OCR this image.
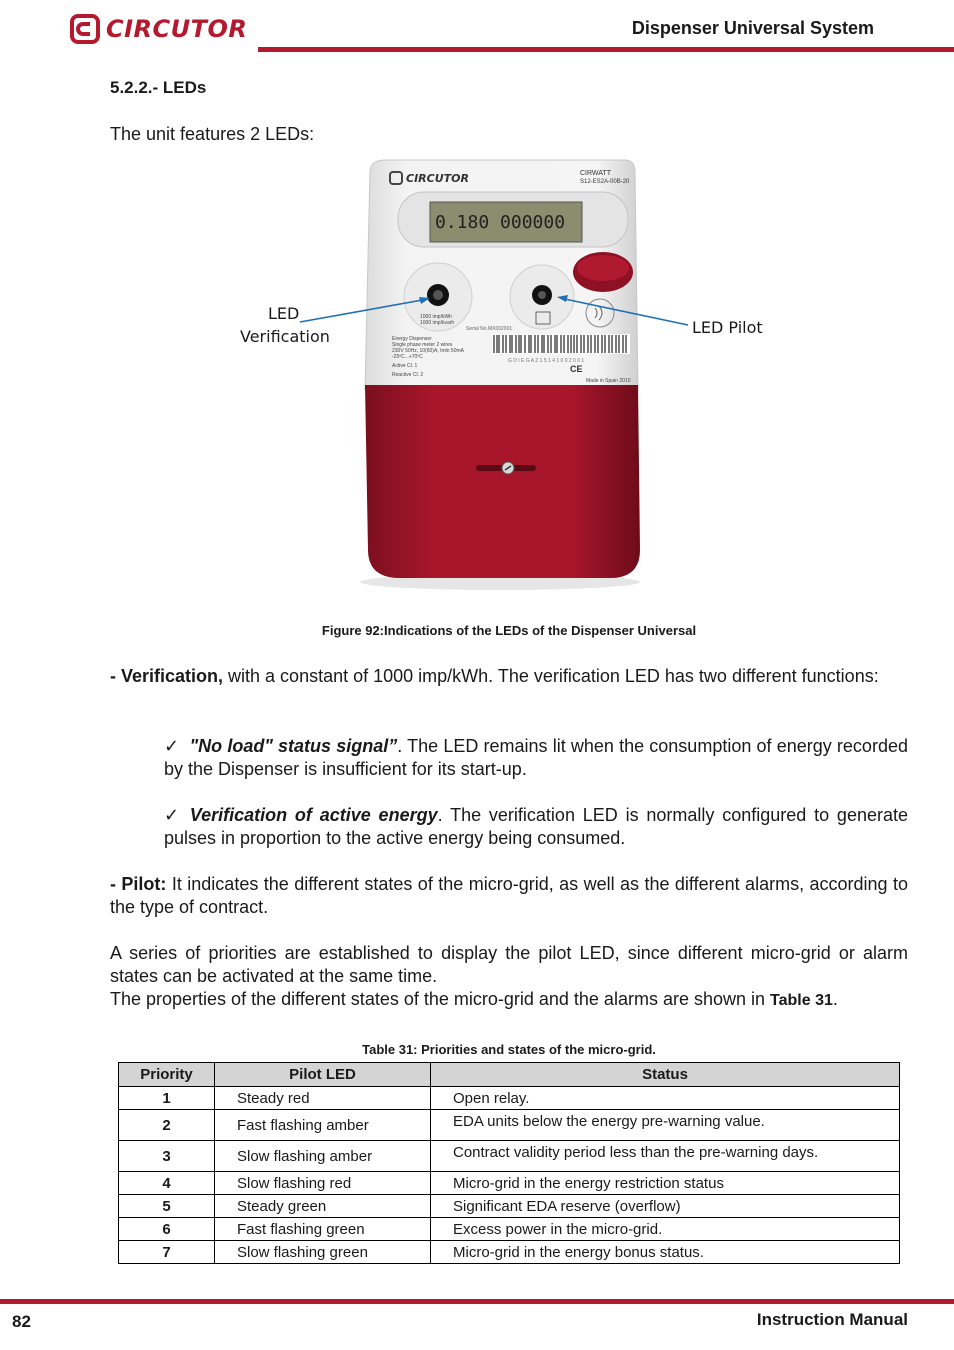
CIRCUTOR	Dispenser Universal System
5.2.2.- LEDs
The unit features 2 LEDs:
CIRCUTOR	CIRWATT
S12-ES2A-00B-20
0.180 000000
1000 imp/kWh
1000 imp/kvarh
Serial No.MX002001
Energy Dispenser
Single phase meter 2 wires
230V 50Hz, 10(60)A, Imin 50mA
-25ºC...+70ºC
Active Cl. 1
Reactive Cl. 2
G D I E G A Z 1 5 1 4 1 0 0 2 0 0 1
CE
Made in Spain 2010
LED
Verification	LED Pilot
Figure 92:Indications of the LEDs of the Dispenser Universal
- Verification, with a constant of 1000 imp/kWh. The verification LED has two different functions:
✓ "No load" status signal”. The LED remains lit when the consumption of energy recorded by the Dispenser is insufficient for its start-up.
✓ Verification of active energy. The verification LED is normally configured to generate pulses in proportion to the active energy being consumed.
- Pilot: It indicates the different states of the micro-grid, as well as the different alarms, according to the type of contract.
A series of priorities are established to display the pilot LED, since different micro-grid or alarm states can be activated at the same time.
The properties of the different states of the micro-grid and the alarms are shown in Table 31.
Table 31: Priorities and states of the micro-grid.
Priority	Pilot LED	Status
1	Steady red	Open relay.
2	Fast flashing amber	EDA units below the energy pre-warning value.
3	Slow flashing amber	Contract validity period less than the pre-warning days.
4	Slow flashing red	Micro-grid in the energy restriction status
5	Steady green	Significant EDA reserve (overflow)
6	Fast flashing green	Excess power in the micro-grid.
7	Slow flashing green	Micro-grid in the energy bonus status.
82	Instruction Manual
